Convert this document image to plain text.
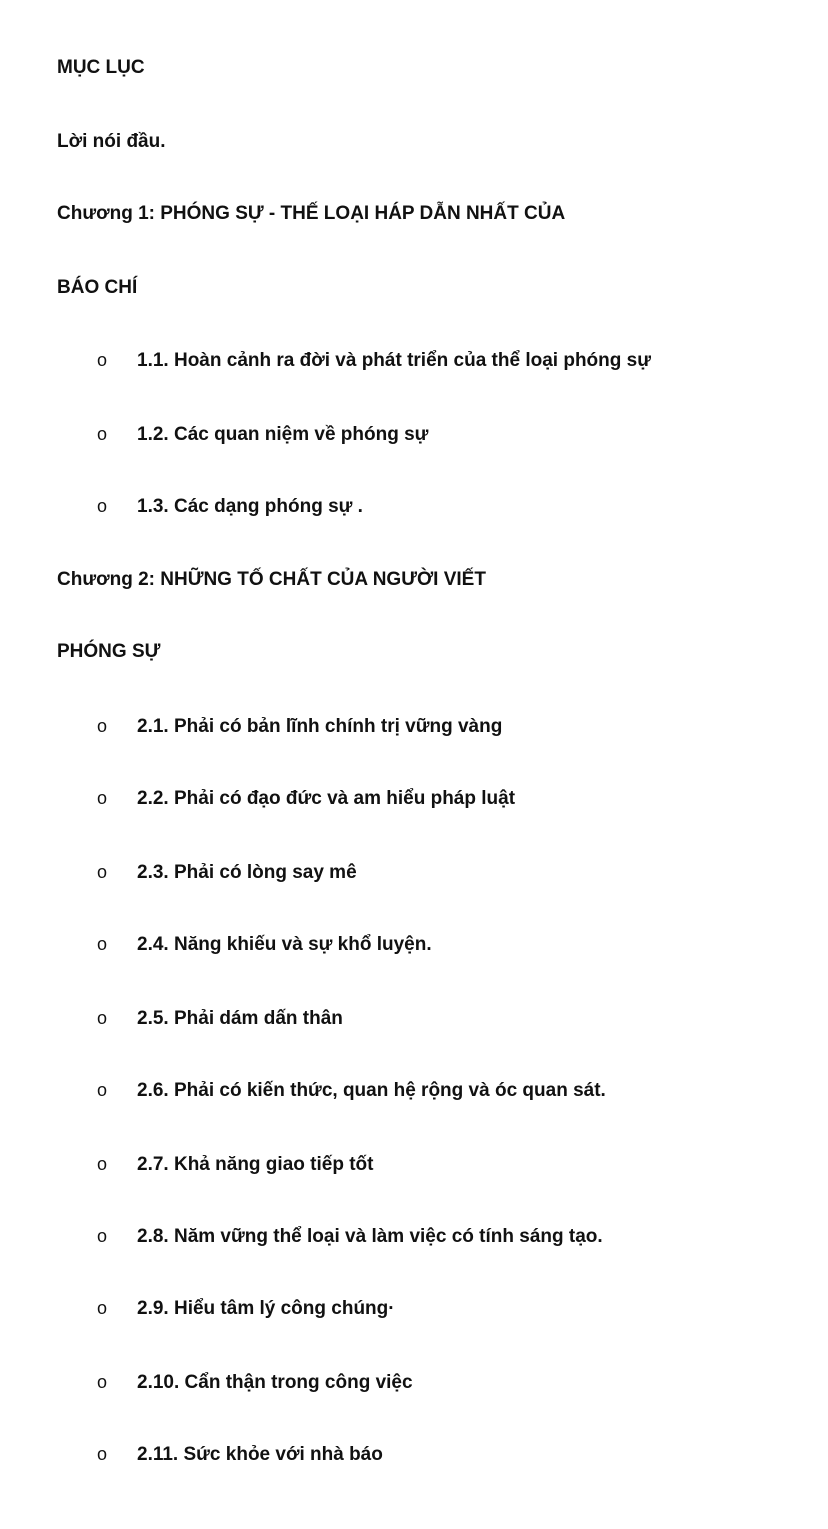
MỤC LỤC
Lời nói đầu.
Chương 1: PHÓNG SỰ - THẾ LOẠI HÁP DẪN NHẤT CỦA
BÁO CHÍ
o 1.1. Hoàn cảnh ra đời và phát triển của thể loại phóng sự
o 1.2. Các quan niệm về phóng sự
o 1.3. Các dạng phóng sự .
Chương 2: NHỮNG TỐ CHẤT CỦA NGƯỜI VIẾT
PHÓNG SỰ
o 2.1. Phải có bản lĩnh chính trị vững vàng
o 2.2. Phải có đạo đức và am hiểu pháp luật
o 2.3. Phải có lòng say mê
o 2.4. Năng khiếu và sự khổ luyện.
o 2.5. Phải dám dấn thân
o 2.6. Phải có kiến thức, quan hệ rộng và óc quan sát.
o 2.7. Khả năng giao tiếp tốt
o 2.8. Năm vững thể loại và làm việc có tính sáng tạo.
o 2.9. Hiểu tâm lý công chúng·
o 2.10. Cẩn thận trong công việc
o 2.11. Sức khỏe với nhà báo
